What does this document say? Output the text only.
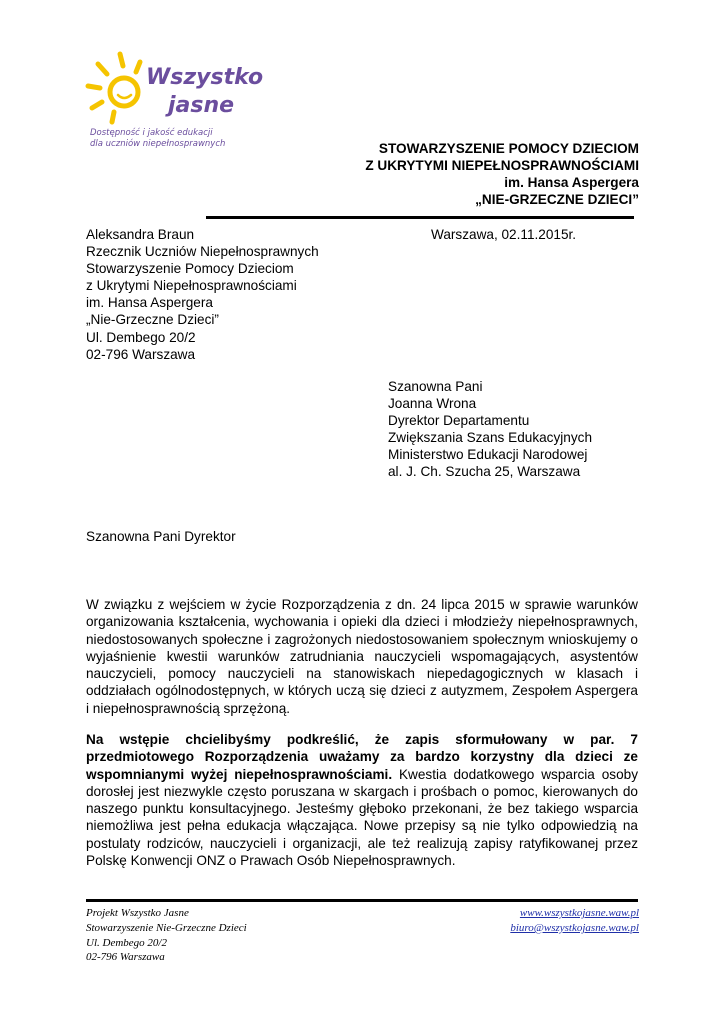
Wszystko
jasne
Dostępność i jakość edukacji
dla uczniów niepełnosprawnych	STOWARZYSZENIE POMOCY DZIECIOM
Z UKRYTYMI NIEPEŁNOSPRAWNOŚCIAMI
im. Hansa Aspergera
„NIE-GRZECZNE DZIECI”
Aleksandra Braun
Rzecznik Uczniów Niepełnosprawnych
Stowarzyszenie Pomocy Dzieciom
z Ukrytymi Niepełnosprawnościami
im. Hansa Aspergera
„Nie-Grzeczne Dzieci”
Ul. Dembego 20/2
02-796 Warszawa
Warszawa, 02.11.2015r.
Szanowna Pani
Joanna Wrona
Dyrektor Departamentu
Zwiększania Szans Edukacyjnych
Ministerstwo Edukacji Narodowej
al. J. Ch. Szucha 25, Warszawa
Szanowna Pani Dyrektor

W związku z wejściem w życie Rozporządzenia z dn. 24 lipca 2015 w sprawie warunków organizowania kształcenia, wychowania i opieki dla dzieci i młodzieży niepełnosprawnych, niedostosowanych społeczne i zagrożonych niedostosowaniem społecznym wnioskujemy o wyjaśnienie kwestii warunków zatrudniania nauczycieli wspomagających, asystentów nauczycieli, pomocy nauczycieli na stanowiskach niepedagogicznych w klasach i oddziałach ogólnodostępnych, w których uczą się dzieci z autyzmem, Zespołem Aspergera i niepełnosprawnością sprzężoną.

Na wstępie chcielibyśmy podkreślić, że zapis sformułowany w par. 7 przedmiotowego Rozporządzenia uważamy za bardzo korzystny dla dzieci ze wspomnianymi wyżej niepełnosprawnościami. Kwestia dodatkowego wsparcia osoby dorosłej jest niezwykle często poruszana w skargach i prośbach o pomoc, kierowanych do naszego punktu konsultacyjnego. Jesteśmy głęboko przekonani, że bez takiego wsparcia niemożliwa jest pełna edukacja włączająca. Nowe przepisy są nie tylko odpowiedzią na postulaty rodziców, nauczycieli i organizacji, ale też realizują zapisy ratyfikowanej przez Polskę Konwencji ONZ o Prawach Osób Niepełnosprawnych.

Projekt Wszystko Jasne
Stowarzyszenie Nie-Grzeczne Dzieci
Ul. Dembego 20/2
02-796 Warszawa
www.wszystkojasne.waw.pl
biuro@wszystkojasne.waw.pl
